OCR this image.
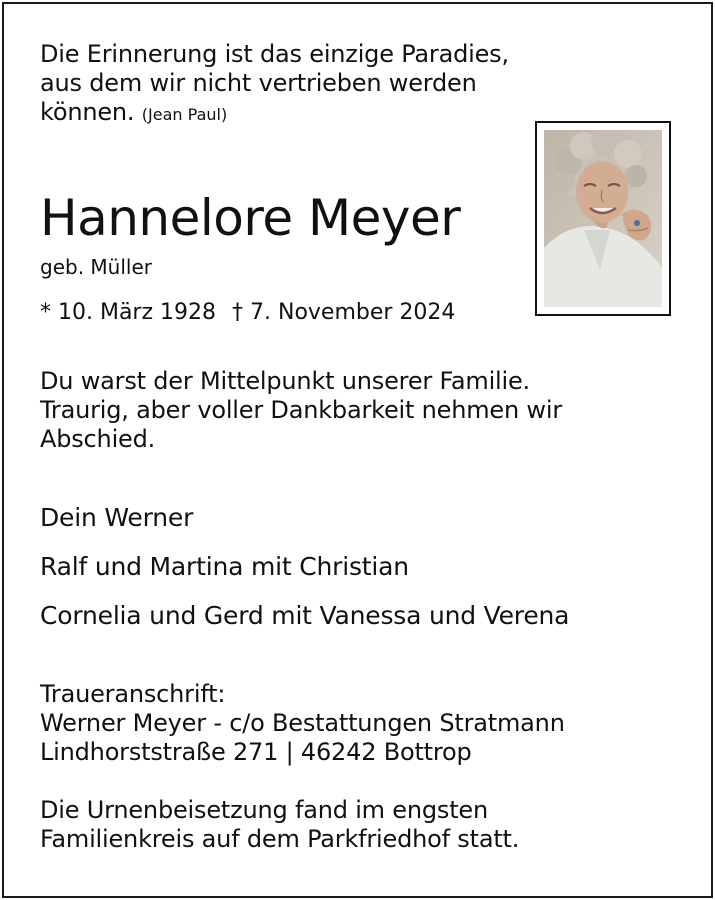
Die Erinnerung ist das einzige Paradies,
aus dem wir nicht vertrieben werden
können. (Jean Paul)
Hannelore Meyer
geb. Müller
* 10. März 1928 † 7. November 2024
Du warst der Mittelpunkt unserer Familie.
Traurig, aber voller Dankbarkeit nehmen wir
Abschied.
Dein Werner
Ralf und Martina mit Christian
Cornelia und Gerd mit Vanessa und Verena
Traueranschrift:
Werner Meyer - c/o Bestattungen Stratmann
Lindhorststraße 271 | 46242 Bottrop
Die Urnenbeisetzung fand im engsten
Familienkreis auf dem Parkfriedhof statt.
